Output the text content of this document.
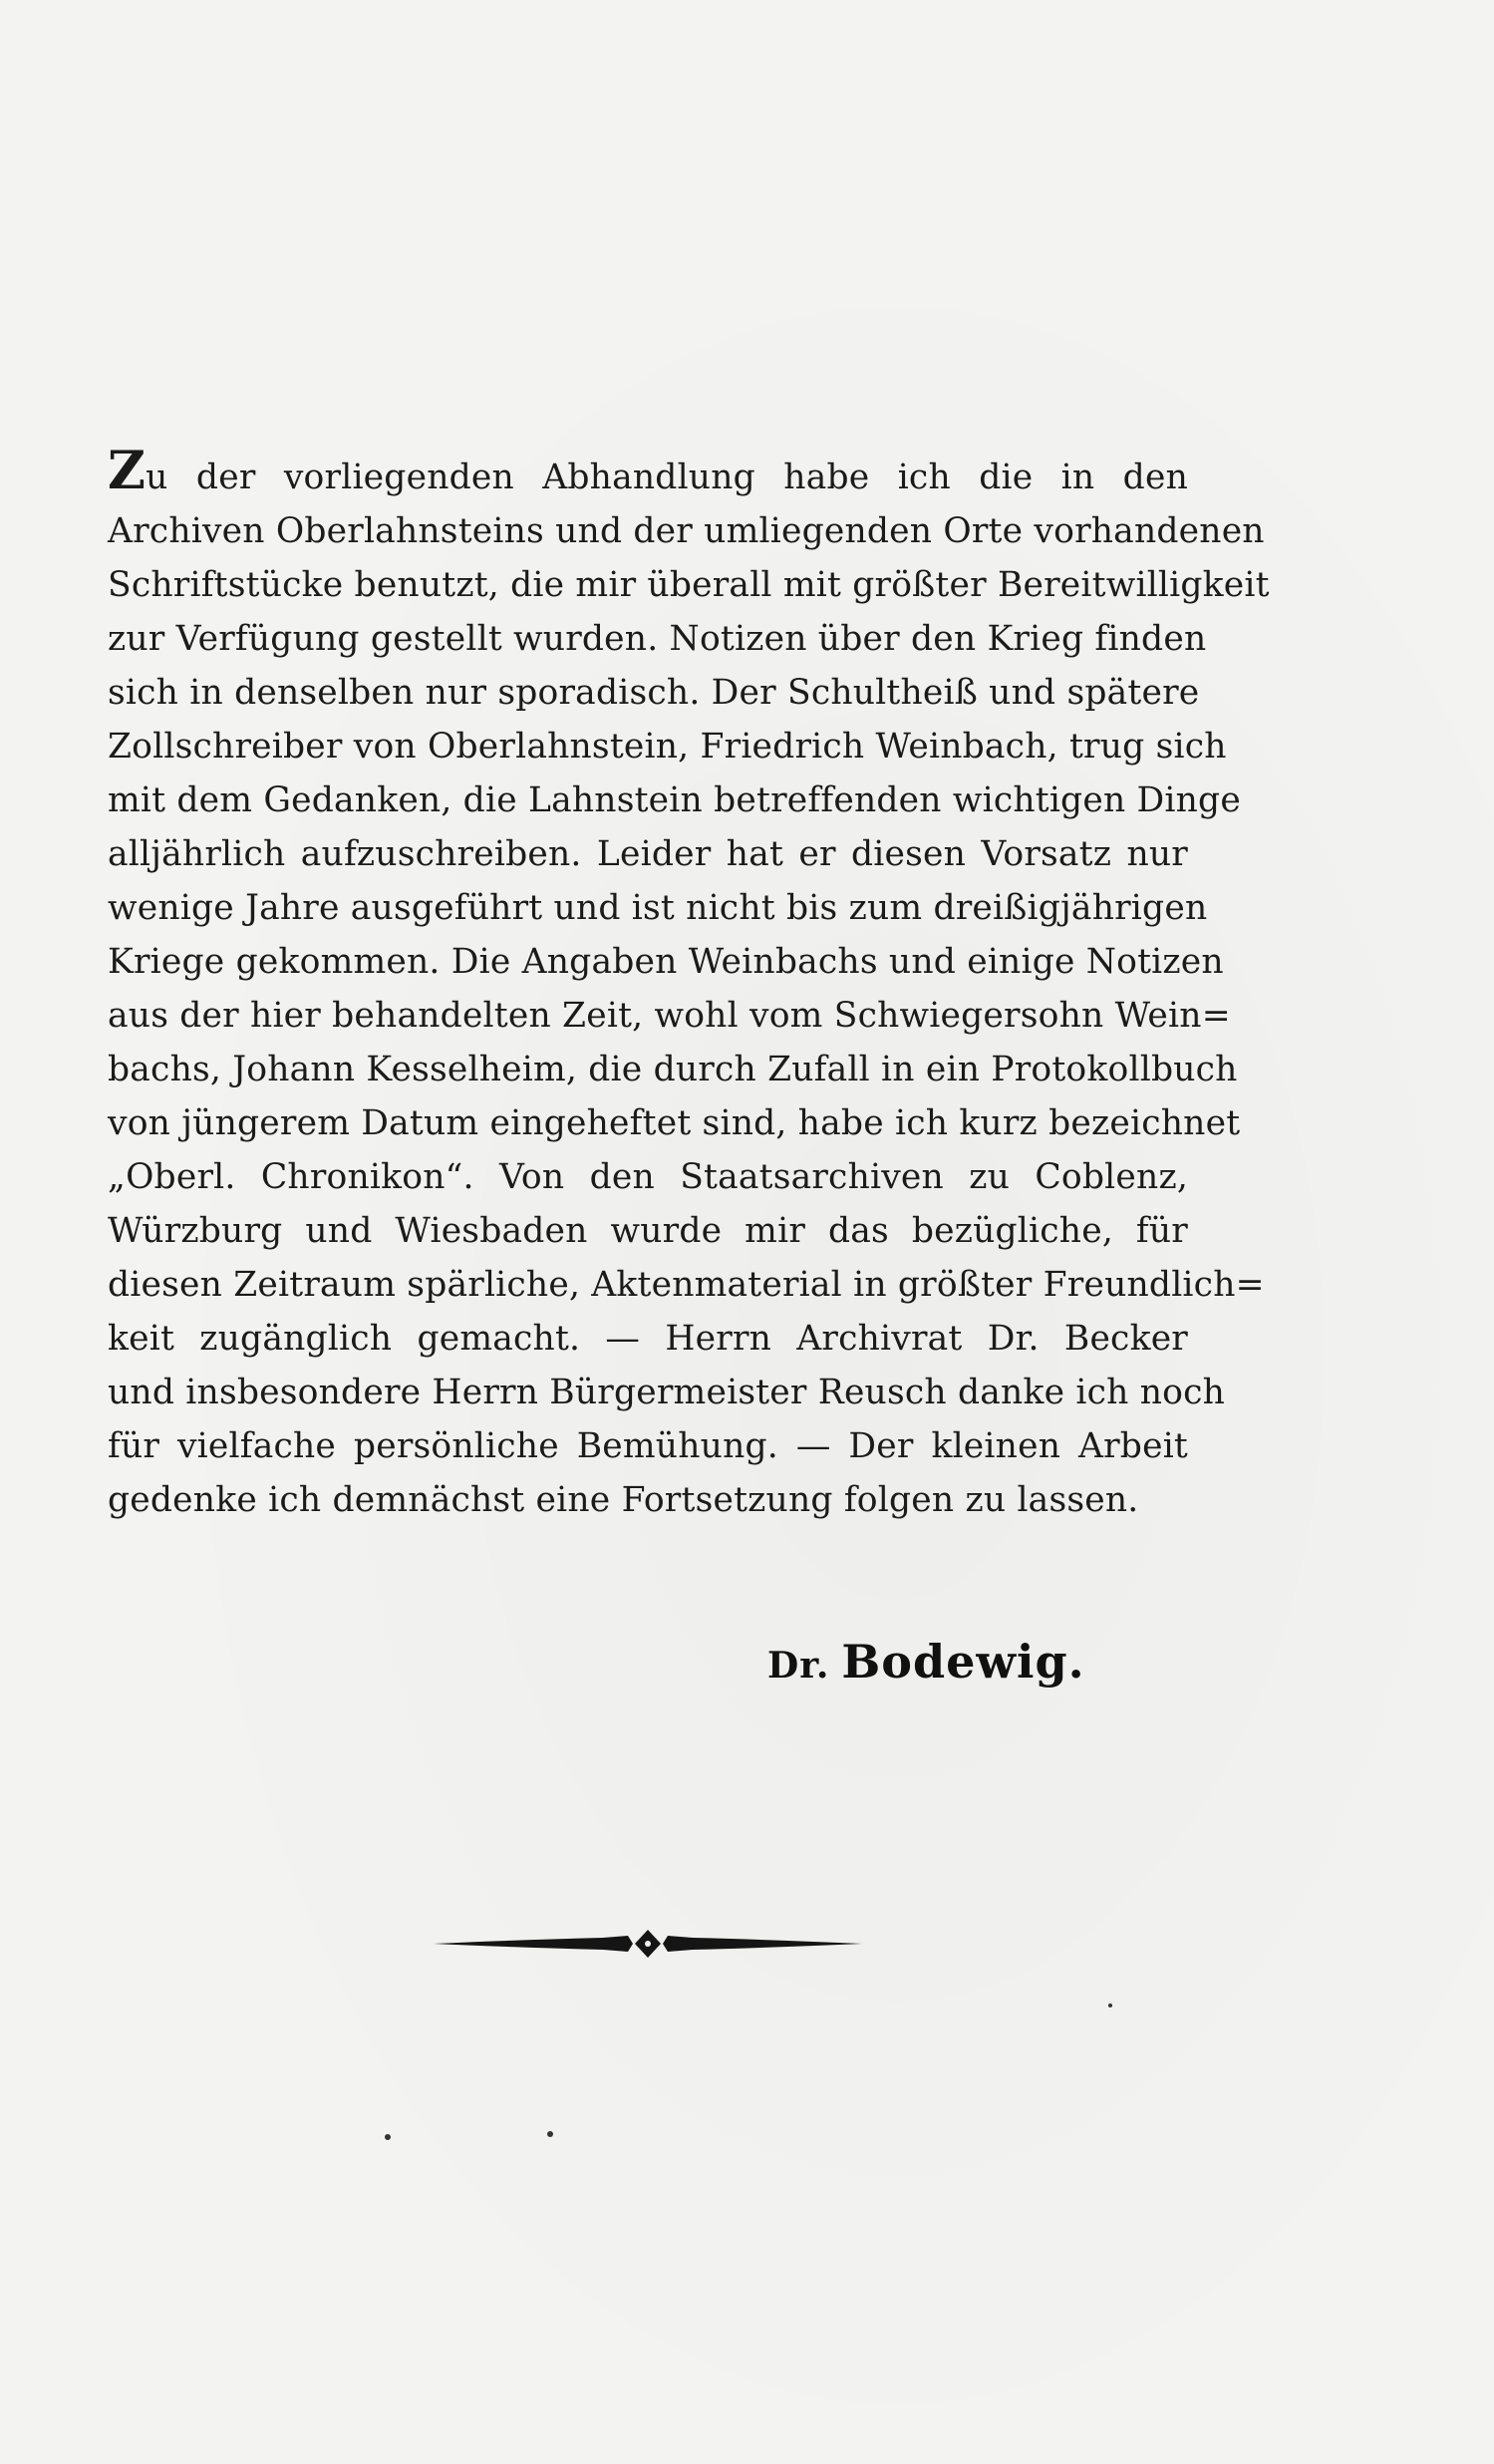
Zu der vorliegenden Abhandlung habe ich die in den
Archiven Oberlahnsteins und der umliegenden Orte vorhandenen
Schriftstücke benutzt, die mir überall mit größter Bereitwilligkeit
zur Verfügung gestellt wurden. Notizen über den Krieg finden
sich in denselben nur sporadisch. Der Schultheiß und spätere
Zollschreiber von Oberlahnstein, Friedrich Weinbach, trug sich
mit dem Gedanken, die Lahnstein betreffenden wichtigen Dinge
alljährlich aufzuschreiben. Leider hat er diesen Vorsatz nur
wenige Jahre ausgeführt und ist nicht bis zum dreißigjährigen
Kriege gekommen. Die Angaben Weinbachs und einige Notizen
aus der hier behandelten Zeit, wohl vom Schwiegersohn Wein=
bachs, Johann Kesselheim, die durch Zufall in ein Protokollbuch
von jüngerem Datum eingeheftet sind, habe ich kurz bezeichnet
„Oberl. Chronikon“. Von den Staatsarchiven zu Coblenz,
Würzburg und Wiesbaden wurde mir das bezügliche, für
diesen Zeitraum spärliche, Aktenmaterial in größter Freundlich=
keit zugänglich gemacht. — Herrn Archivrat Dr. Becker
und insbesondere Herrn Bürgermeister Reusch danke ich noch
für vielfache persönliche Bemühung. — Der kleinen Arbeit
gedenke ich demnächst eine Fortsetzung folgen zu lassen.
Dr. Bodewig.
